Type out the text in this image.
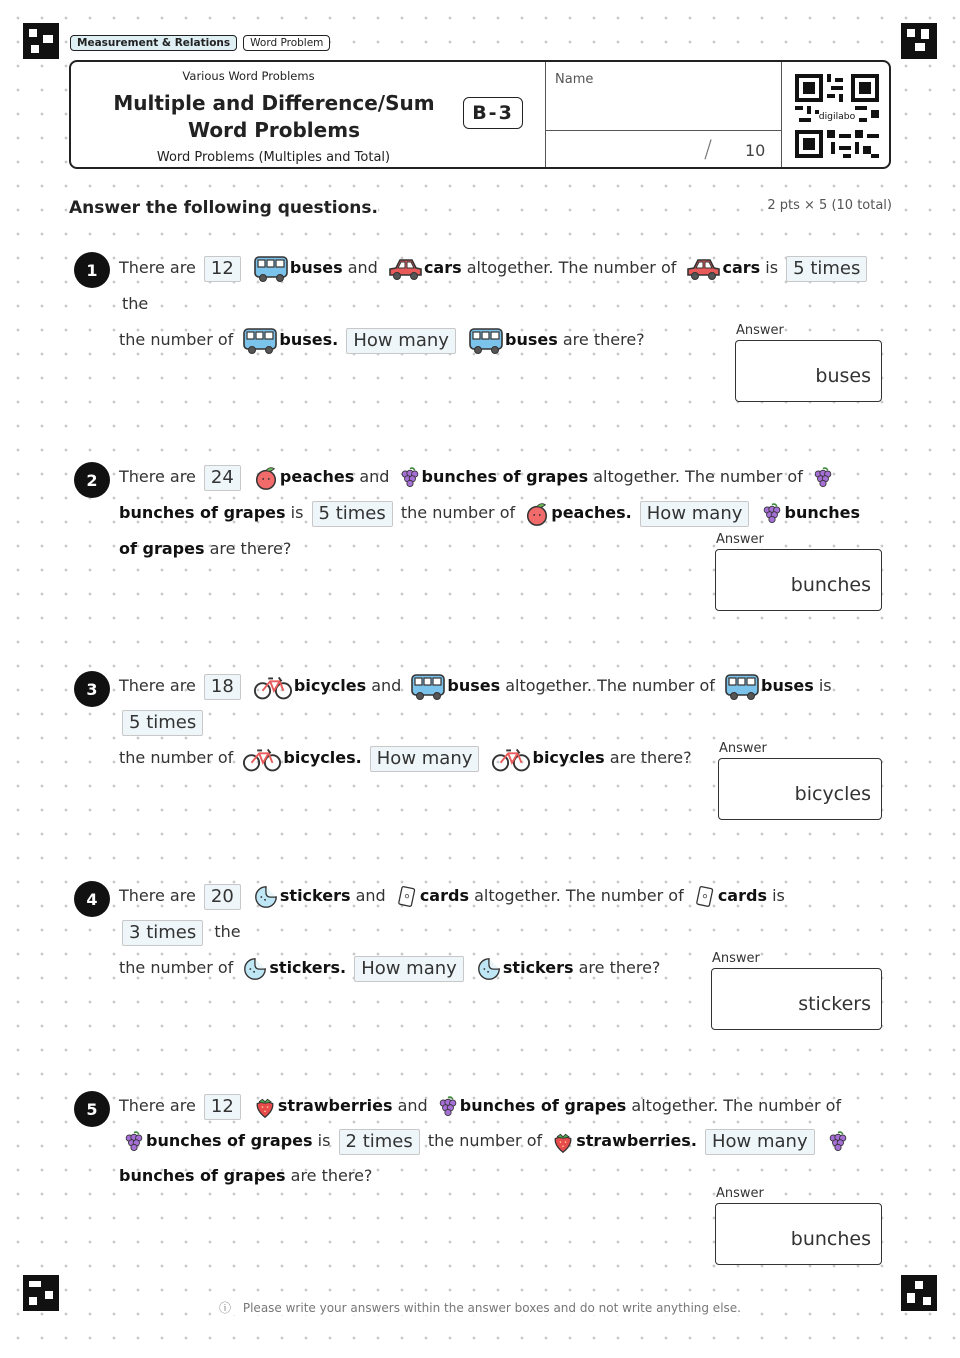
Measurement & Relations	Word Problem
Various Word Problems
Multiple and Difference/Sum Word Problems
B-3
Word Problems (Multiples and Total)
Name
/ 10
digilabo
Answer the following questions.	2 pts × 5 (10 total)
1	There are 12	buses and	cars altogether. The number of	cars is 5 times the
the number of	buses. How many	buses are there?	Answer
buses
2	There are 24	peaches and bunches of grapes altogether. The number of bunches of grapes is 5 times the number of peaches. How many	bunches of grapes are there?	Answer
bunches
3	There are 18	bicycles and	buses altogether. The number of	buses is 5 times
the number of	bicycles. How many	bicycles are there?	Answer
bicycles
4	There are 20	stickers and cards altogether. The number of cards is 3 times the
the number of stickers. How many	stickers are there?	Answer
stickers
5	There are 12	strawberries and bunches of grapes altogether. The number of bunches of grapes is 2 times the number of strawberries. How many bunches of grapes are there?
Answer
bunches
ⓘ Please write your answers within the answer boxes and do not write anything else.
